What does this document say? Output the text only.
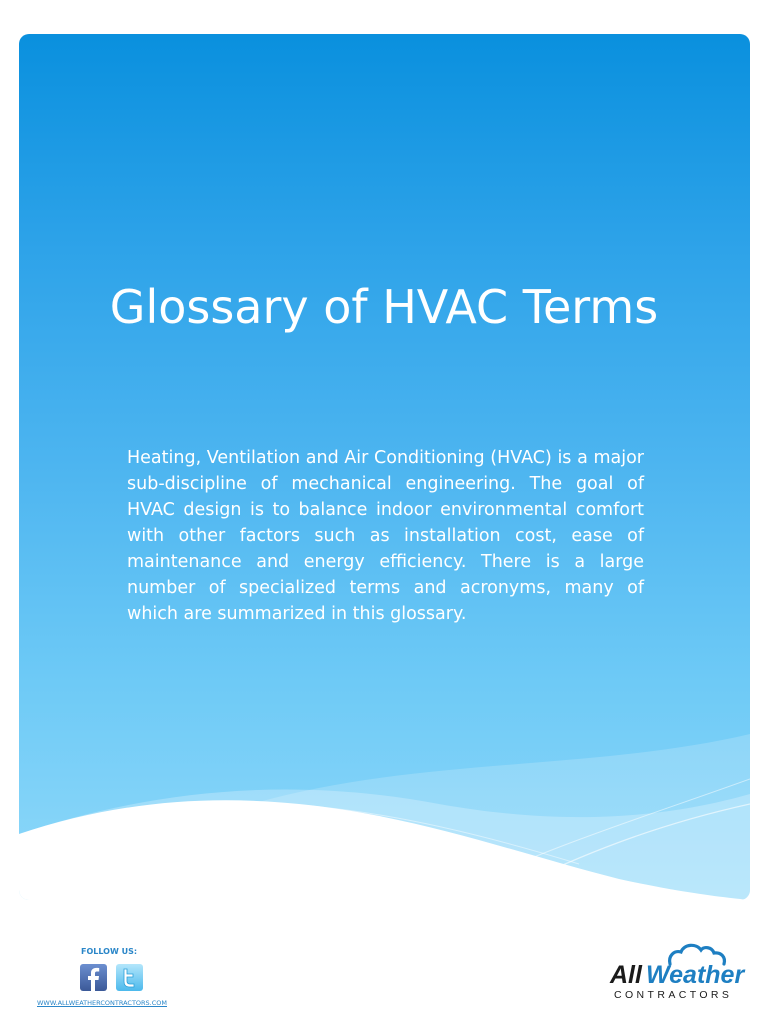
Glossary of HVAC Terms

Heating, Ventilation and Air Conditioning (HVAC) is a major sub-discipline of mechanical engineering. The goal of HVAC design is to balance indoor environmental comfort with other factors such as installation cost, ease of maintenance and energy efficiency. There is a large number of specialized terms and acronyms, many of which are summarized in this glossary.

FOLLOW US:
WWW.ALLWEATHERCONTRACTORS.COM
All Weather
CONTRACTORS
